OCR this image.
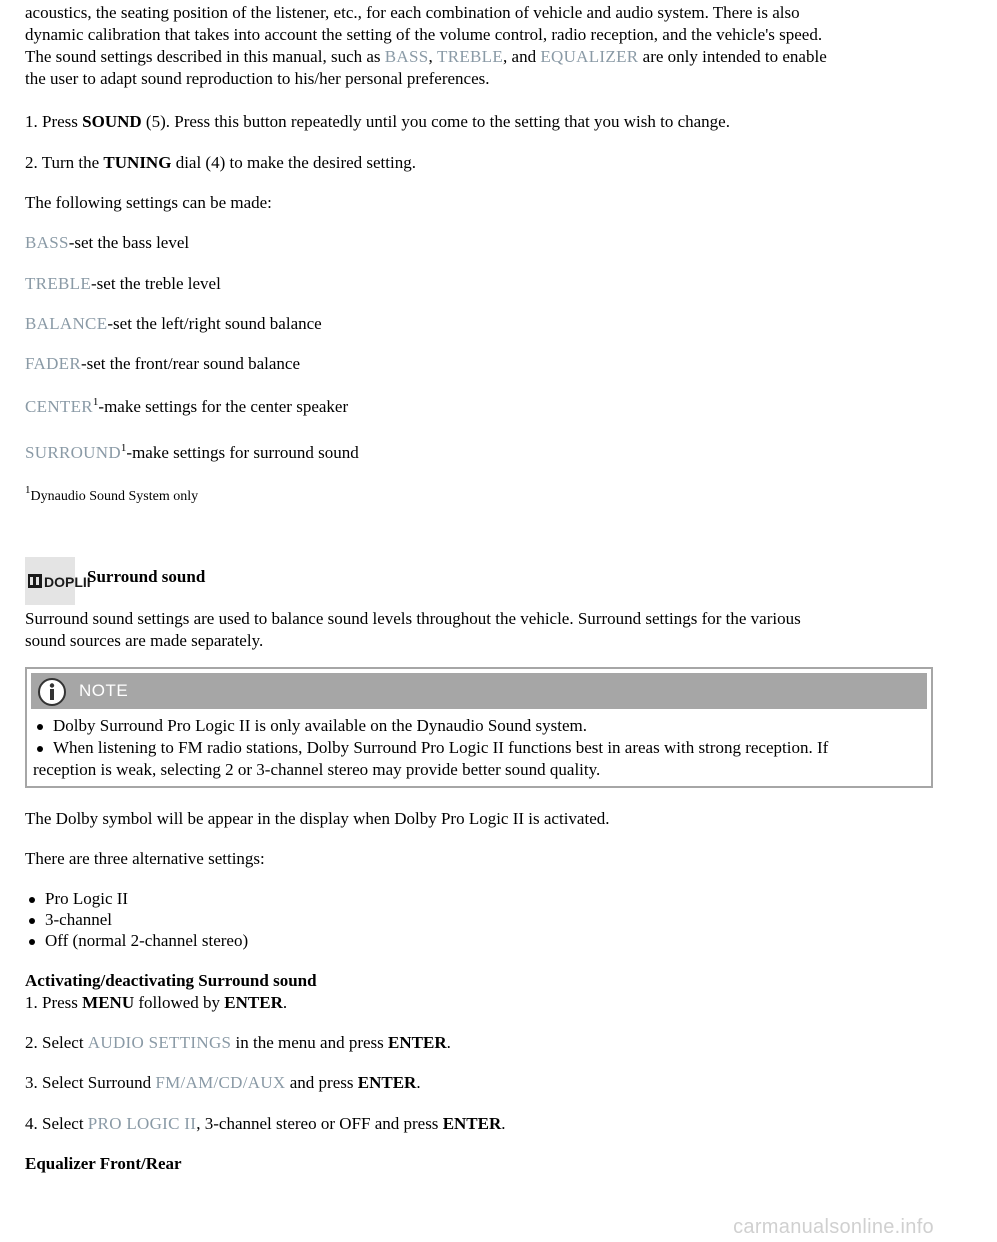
acoustics, the seating position of the listener, etc., for each combination of vehicle and audio system. There is also

dynamic calibration that takes into account the setting of the volume control, radio reception, and the vehicle's speed.

The sound settings described in this manual, such as BASS, TREBLE, and EQUALIZER are only intended to enable

the user to adapt sound reproduction to his/her personal preferences.

1. Press SOUND (5). Press this button repeatedly until you come to the setting that you wish to change.

2. Turn the TUNING dial (4) to make the desired setting.

The following settings can be made:

BASS-set the bass level

TREBLE-set the treble level

BALANCE-set the left/right sound balance

FADER-set the front/rear sound balance

CENTER$^1$-make settings for the center speaker

SURROUND$^1$-make settings for surround sound

$^1$Dynaudio Sound System only

DOPLII

Surround sound

Surround sound settings are used to balance sound levels throughout the vehicle. Surround settings for the various

sound sources are made separately.

NOTE

Dolby Surround Pro Logic II is only available on the Dynaudio Sound system.

When listening to FM radio stations, Dolby Surround Pro Logic II functions best in areas with strong reception. If

reception is weak, selecting 2 or 3-channel stereo may provide better sound quality.

The Dolby symbol will be appear in the display when Dolby Pro Logic II is activated.

There are three alternative settings:

Pro Logic II

3-channel

Off (normal 2-channel stereo)

Activating/deactivating Surround sound

1. Press MENU followed by ENTER.

2. Select AUDIO SETTINGS in the menu and press ENTER.

3. Select Surround FM/AM/CD/AUX and press ENTER.

4. Select PRO LOGIC II, 3-channel stereo or OFF and press ENTER.

Equalizer Front/Rear

carmanualsonline.info
